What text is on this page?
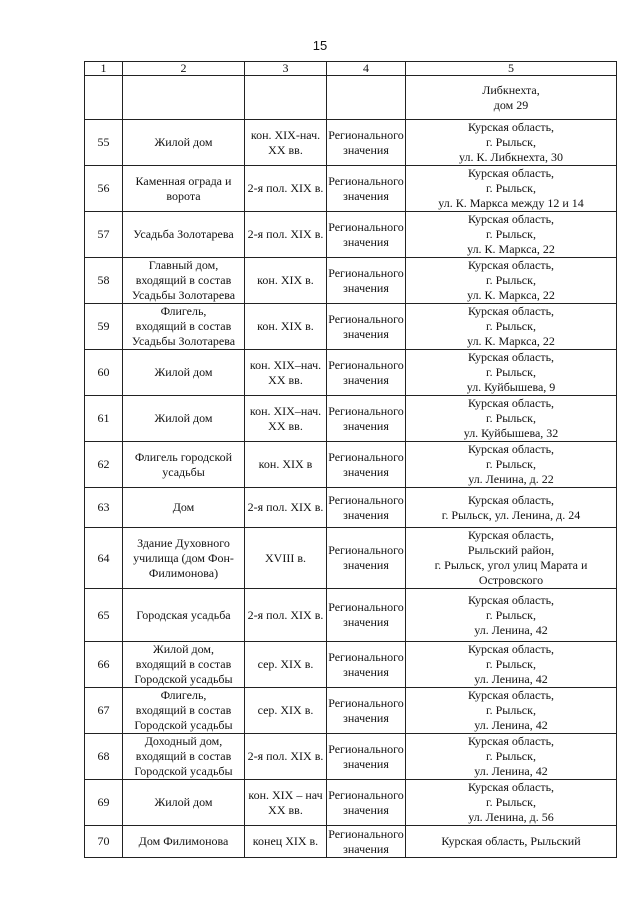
15
1	2	3	4	5
				Либкнехта,
дом 29
55	Жилой дом	кон. XIX-нач.
XX вв.	Регионального
значения	Курская область,
г. Рыльск,
ул. К. Либкнехта, 30
56	Каменная ограда и
ворота	2-я пол. XIX в.	Регионального
значения	Курская область,
г. Рыльск,
ул. К. Маркса между 12 и 14
57	Усадьба Золотарева	2-я пол. XIX в.	Регионального
значения	Курская область,
г. Рыльск,
ул. К. Маркса, 22
58	Главный дом,
входящий в состав
Усадьбы Золотарева	кон. XIX в.	Регионального
значения	Курская область,
г. Рыльск,
ул. К. Маркса, 22
59	Флигель,
входящий в состав
Усадьбы Золотарева	кон. XIX в.	Регионального
значения	Курская область,
г. Рыльск,
ул. К. Маркса, 22
60	Жилой дом	кон. XIX–нач.
XX вв.	Регионального
значения	Курская область,
г. Рыльск,
ул. Куйбышева, 9
61	Жилой дом	кон. XIX–нач.
XX вв.	Регионального
значения	Курская область,
г. Рыльск,
ул. Куйбышева, 32
62	Флигель городской
усадьбы	кон. XIX в	Регионального
значения	Курская область,
г. Рыльск,
ул. Ленина, д. 22
63	Дом	2-я пол. XIX в.	Регионального
значения	Курская область,
г. Рыльск, ул. Ленина, д. 24
64	Здание Духовного
училища (дом Фон-
Филимонова)	XVIII в.	Регионального
значения	Курская область,
Рыльский район,
г. Рыльск, угол улиц Марата и
Островского
65	Городская усадьба	2-я пол. XIX в.	Регионального
значения	Курская область,
г. Рыльск,
ул. Ленина, 42
66	Жилой дом,
входящий в состав
Городской усадьбы	сер. XIX в.	Регионального
значения	Курская область,
г. Рыльск,
ул. Ленина, 42
67	Флигель,
входящий в состав
Городской усадьбы	сер. XIX в.	Регионального
значения	Курская область,
г. Рыльск,
ул. Ленина, 42
68	Доходный дом,
входящий в состав
Городской усадьбы	2-я пол. XIX в.	Регионального
значения	Курская область,
г. Рыльск,
ул. Ленина, 42
69	Жилой дом	кон. XIX – нач
XX вв.	Регионального
значения	Курская область,
г. Рыльск,
ул. Ленина, д. 56
70	Дом Филимонова	конец XIX в.	Регионального
значения	Курская область, Рыльский
